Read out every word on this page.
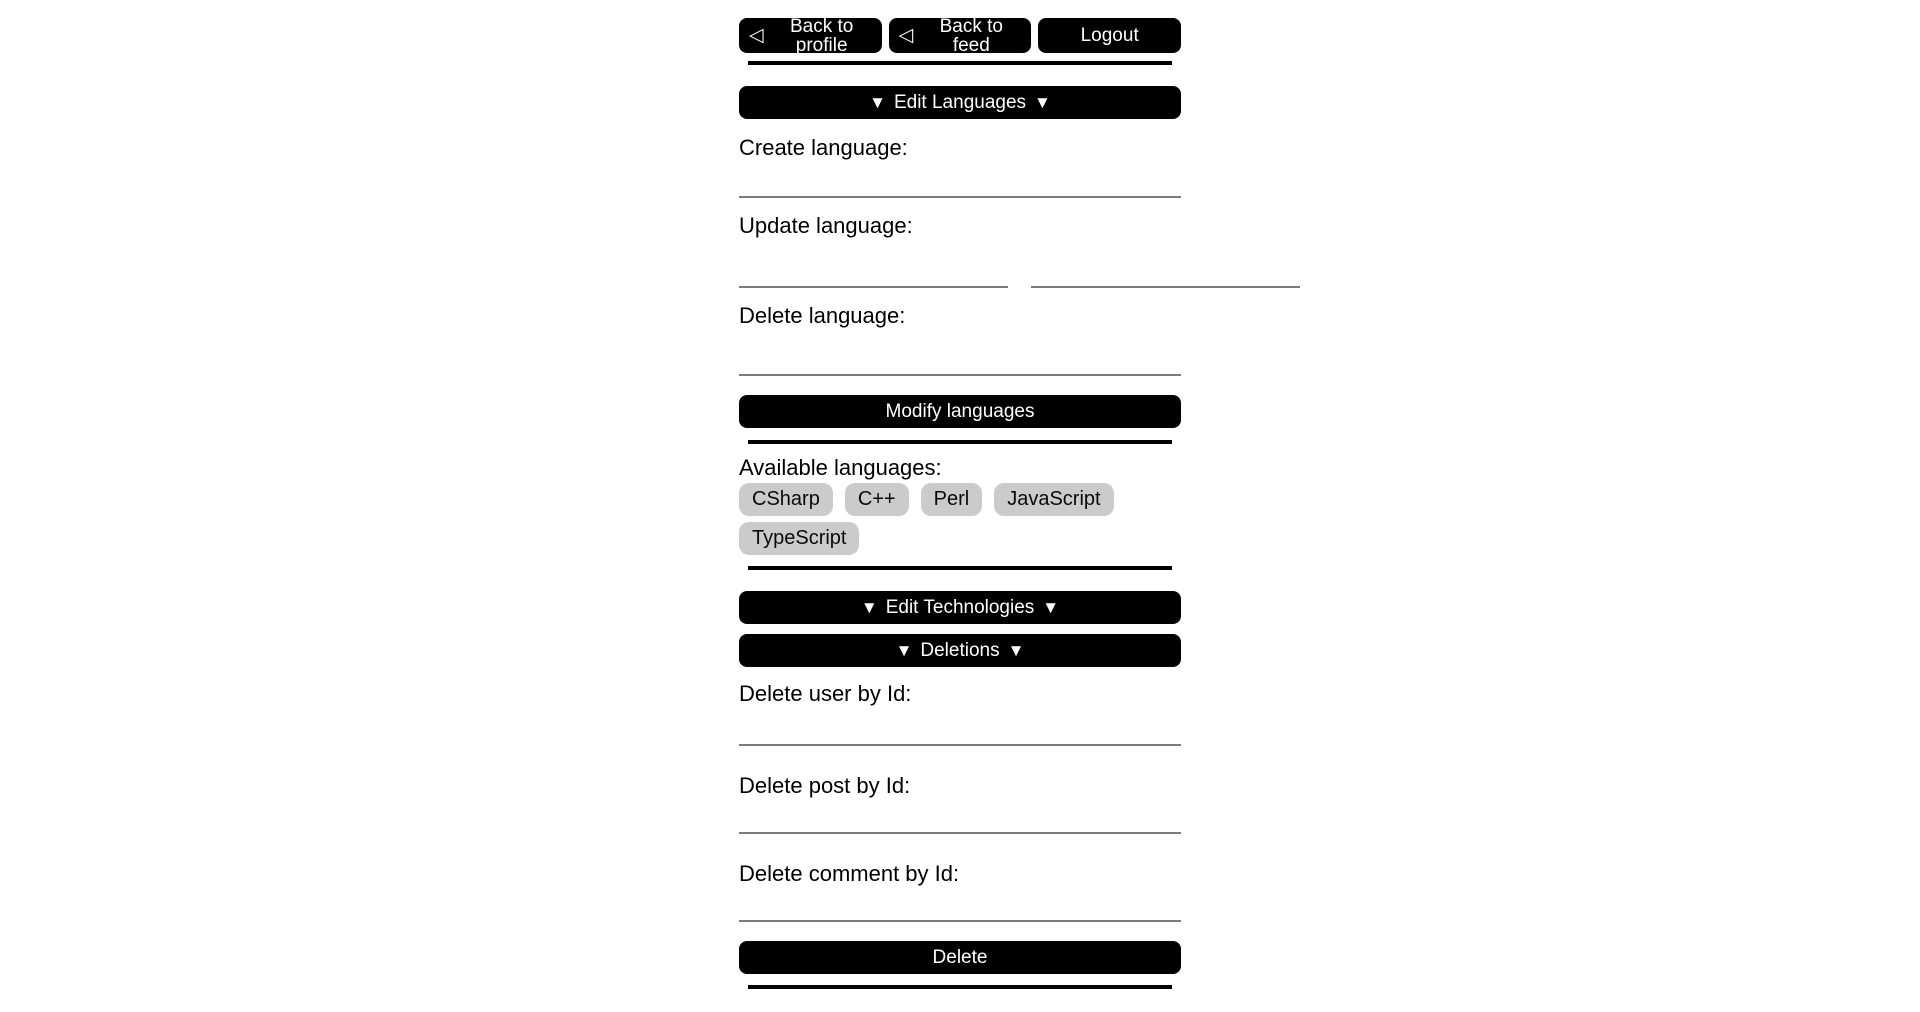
◁	Back to profile	◁	Back to feed	Logout
▼ Edit Languages ▼
Create language:
Update language:
Delete language:
Modify languages
Available languages:
CSharp	C++	Perl	JavaScript
TypeScript
▼ Edit Technologies ▼
▼ Deletions ▼
Delete user by Id:
Delete post by Id:
Delete comment by Id:
Delete
